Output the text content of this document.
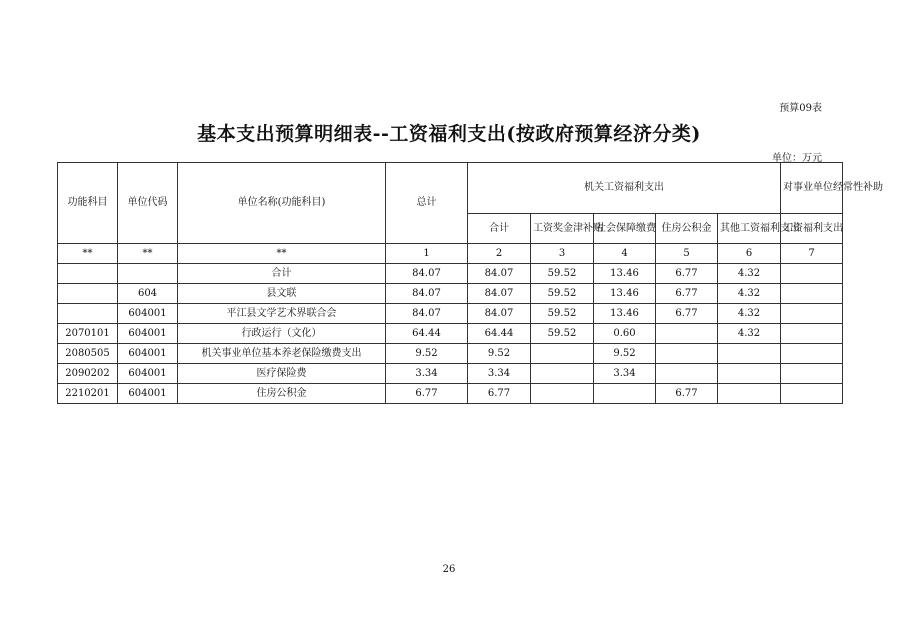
预算09表
基本支出预算明细表--工资福利支出(按政府预算经济分类)
单位：万元
功能科目	单位代码	单位名称(功能科目)	总计	机关工资福利支出					对事业单位经常性补助
				合计	工资奖金津补贴	社会保障缴费	住房公积金	其他工资福利支出	工资福利支出
**	**	**	1	2	3	4	5	6	7
		合计	84.07	84.07	59.52	13.46	6.77	4.32	
	604	县文联	84.07	84.07	59.52	13.46	6.77	4.32	
	604001	平江县文学艺术界联合会	84.07	84.07	59.52	13.46	6.77	4.32	
2070101	604001	行政运行（文化）	64.44	64.44	59.52	0.60		4.32	
2080505	604001	机关事业单位基本养老保险缴费支出	9.52	9.52		9.52			
2090202	604001	医疗保险费	3.34	3.34		3.34			
2210201	604001	住房公积金	6.77	6.77			6.77		
26
